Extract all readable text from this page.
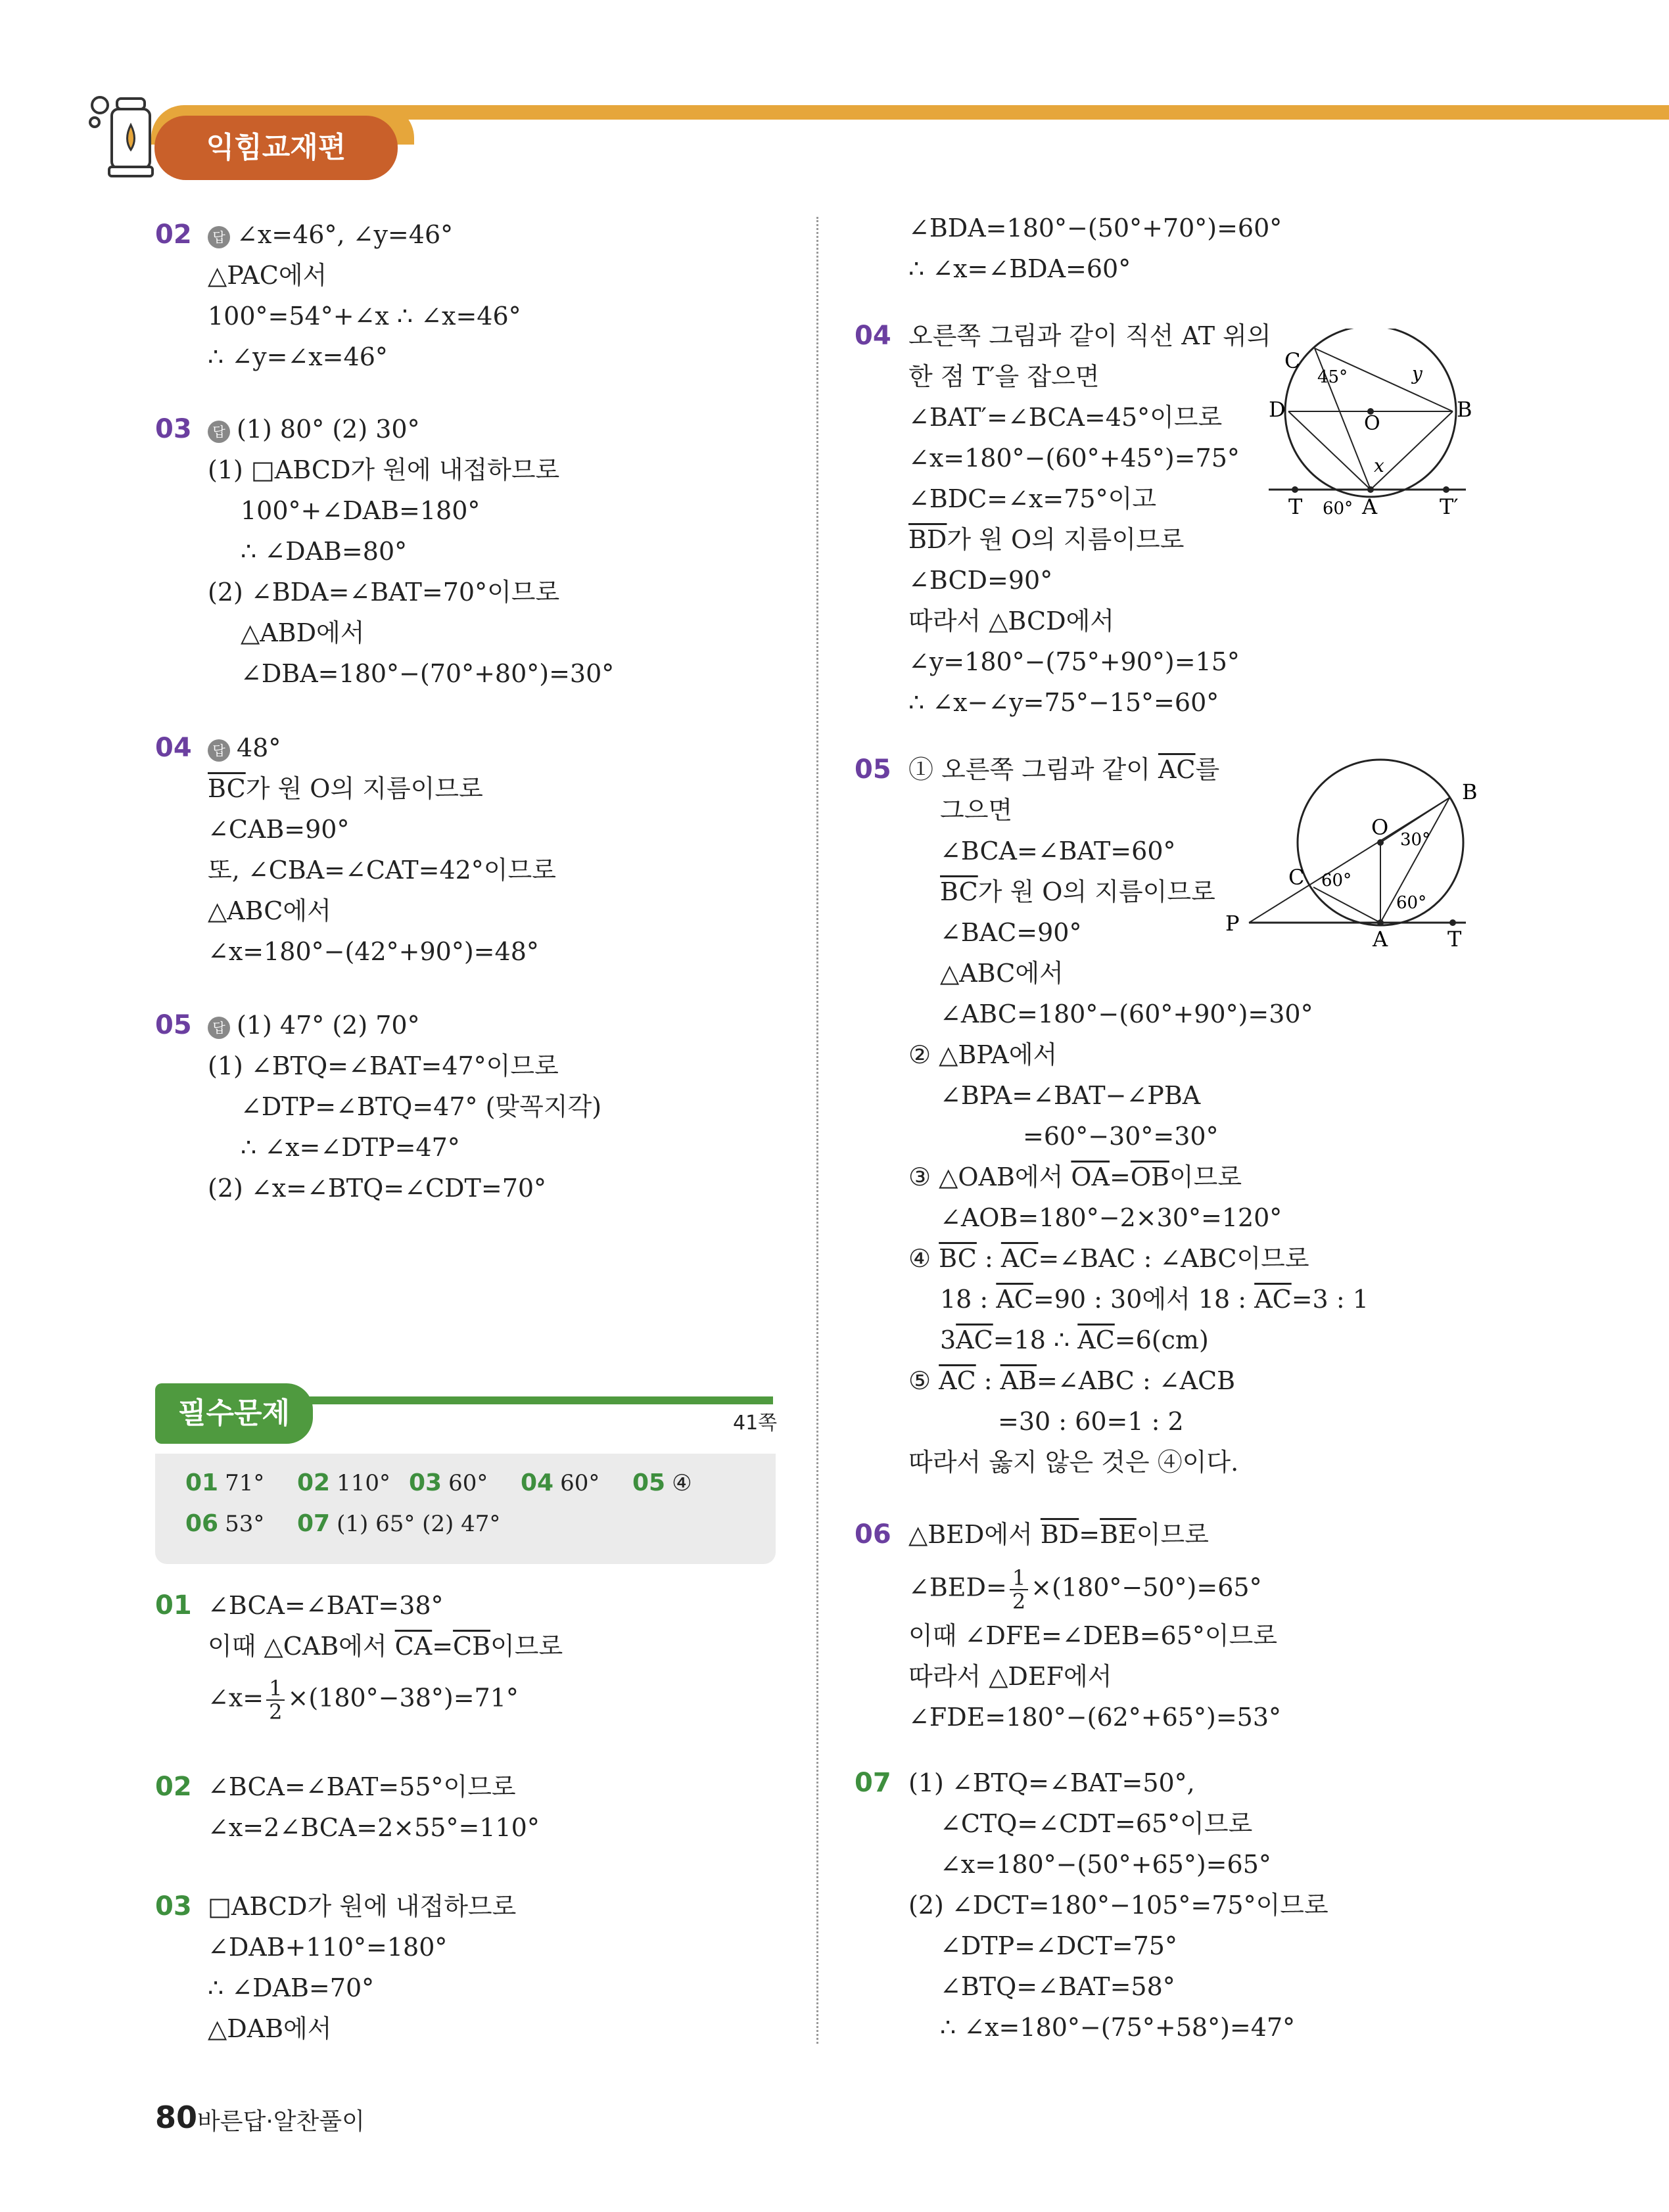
익힘교재편
02	답 ∠x=46°, ∠y=46°
△PAC에서
100°=54°+∠x ∴ ∠x=46°
∴ ∠y=∠x=46°
03	답 (1) 80° (2) 30°
(1) □ABCD가 원에 내접하므로
100°+∠DAB=180°
∴ ∠DAB=80°
(2) ∠BDA=∠BAT=70°이므로
△ABD에서
∠DBA=180°−(70°+80°)=30°
04	답 48°
$\overline{BC}$가 원 O의 지름이므로
∠CAB=90°
또, ∠CBA=∠CAT=42°이므로
△ABC에서
∠x=180°−(42°+90°)=48°
05	답 (1) 47° (2) 70°
(1) ∠BTQ=∠BAT=47°이므로
∠DTP=∠BTQ=47° (맞꼭지각)
∴ ∠x=∠DTP=47°
(2) ∠x=∠BTQ=∠CDT=70°
필수문제	41쪽
01 71° 02 110° 03 60° 04 60° 05 ④
06 53° 07 (1) 65° (2) 47°
01 ∠BCA=∠BAT=38°
이때 △CAB에서 $\overline{CA}=\overline{CB}$이므로
∠x= $\frac{1}{2} \times(180^\circ-38^\circ)=71^\circ$
02 ∠BCA=∠BAT=55°이므로
∠x=2∠BCA=2×55°=110°
03 □ABCD가 원에 내접하므로
∠DAB+110°=180°
∴ ∠DAB=70°
△DAB에서
∠BDA=180°−(50°+70°)=60°
∴ ∠x=∠BDA=60°
04 오른쪽 그림과 같이 직선 AT 위의
한 점 T′을 잡으면
∠BAT′=∠BCA=45°이므로
∠x=180°−(60°+45°)=75°
∠BDC=∠x=75°이고
$\overline{BD}$가 원 O의 지름이므로
∠BCD=90°
따라서 △BCD에서
∠y=180°−(75°+90°)=15°
∴ ∠x−∠y=75°−15°=60°
C
D
O
B
T	A	T′
45°
60°
x
y
05 ① 오른쪽 그림과 같이 $\overline{AC}$를
그으면
∠BCA=∠BAT=60°
$\overline{BC}$가 원 O의 지름이므로
∠BAC=90°
△ABC에서
∠ABC=180°−(60°+90°)=30°
② △BPA에서
∠BPA=∠BAT−∠PBA
=60°−30°=30°
③ △OAB에서 $\overline{OA}=\overline{OB}$이므로
∠AOB=180°−2×30°=120°
④ $\overline{BC}$ : $\overline{AC}=\angle BAC$ : ∠ABC이므로
18 : $\overline{AC}=90$ : 30에서 18 : $\overline{AC}=3$ : 1
$3\overline{AC}=18$ ∴ $\overline{AC}=6(cm)$
⑤ $\overline{AC}$ : $\overline{AB}=\angle ABC$ : ∠ACB
=30 : 60=1 : 2
따라서 옳지 않은 것은 ④이다.
B
O
C
P
A	T
30°
60°
60°
06 △BED에서 $\overline{BD}=\overline{BE}$이므로
∠BED= $\frac{1}{2} \times(180^\circ-50^\circ)=65^\circ$
이때 ∠DFE=∠DEB=65°이므로
따라서 △DEF에서
∠FDE=180°−(62°+65°)=53°
07 (1) ∠BTQ=∠BAT=50°,
∠CTQ=∠CDT=65°이므로
∠x=180°−(50°+65°)=65°
(2) ∠DCT=180°−105°=75°이므로
∠DTP=∠DCT=75°
∠BTQ=∠BAT=58°
∴ ∠x=180°−(75°+58°)=47°
80 바른답·알찬풀이
